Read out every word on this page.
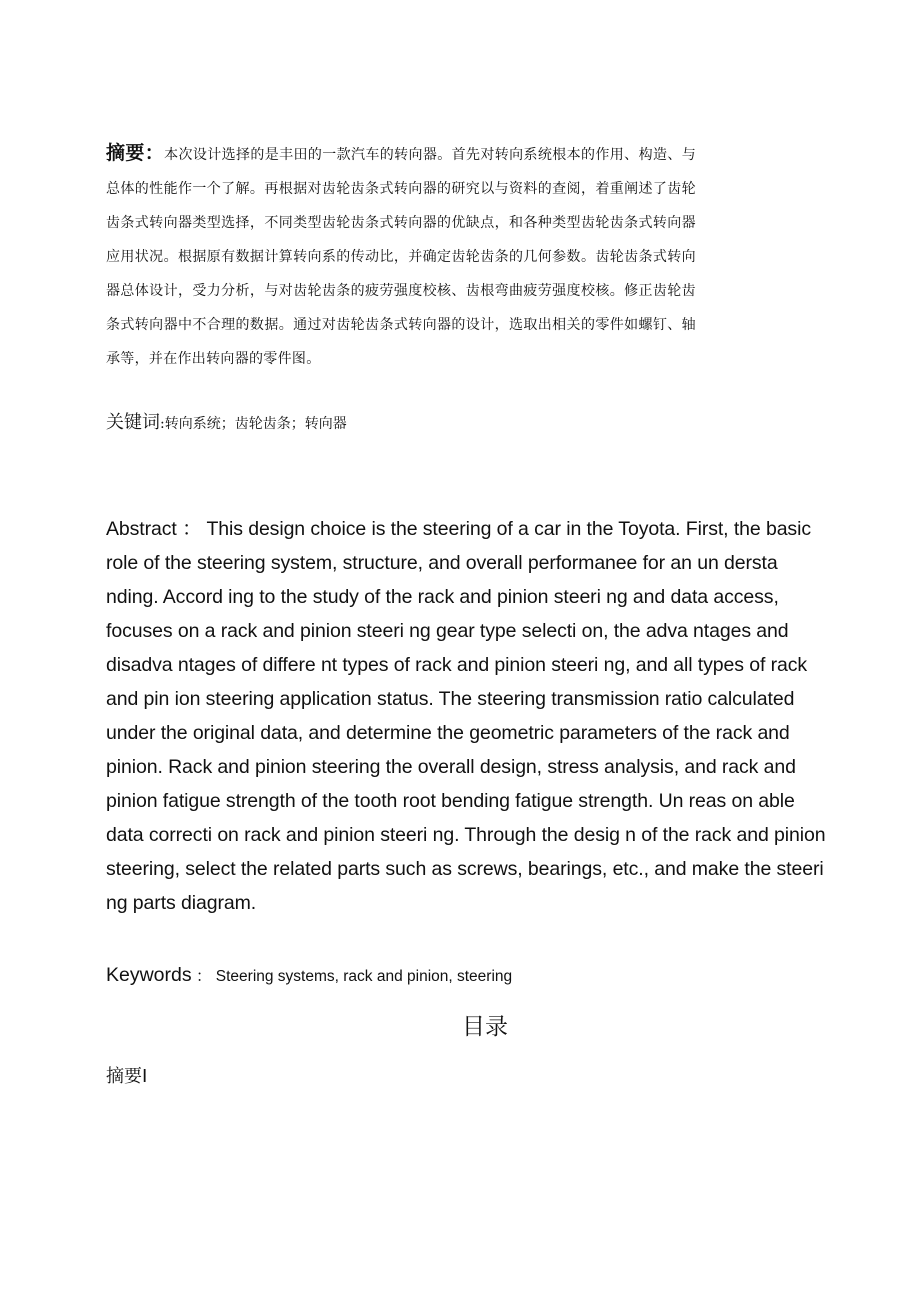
摘要：本次设计选择的是丰田的一款汽车的转向器。首先对转向系统根本的作用、构造、与总体的性能作一个了解。再根据对齿轮齿条式转向器的研究以与资料的查阅，着重阐述了齿轮齿条式转向器类型选择，不同类型齿轮齿条式转向器的优缺点，和各种类型齿轮齿条式转向器应用状况。根据原有数据计算转向系的传动比，并确定齿轮齿条的几何参数。齿轮齿条式转向器总体设计，受力分析，与对齿轮齿条的疲劳强度校核、齿根弯曲疲劳强度校核。修正齿轮齿条式转向器中不合理的数据。通过对齿轮齿条式转向器的设计，选取出相关的零件如螺钉、轴承等，并在作出转向器的零件图。
关键词:转向系统；齿轮齿条；转向器
Abstract ： This design choice is the steering of a car in the Toyota. First, the basic role of the steering system, structure, and overall performanee for an un dersta nding. Accord ing to the study of the rack and pinion steeri ng and data access, focuses on a rack and pinion steeri ng gear type selecti on, the adva ntages and disadva ntages of differe nt types of rack and pinion steeri ng, and all types of rack and pin ion steering application status. The steering transmission ratio calculated under the original data, and determine the geometric parameters of the rack and pinion. Rack and pinion steering the overall design, stress analysis, and rack and pinion fatigue strength of the tooth root bending fatigue strength. Un reas on able data correcti on rack and pinion steeri ng. Through the desig n of the rack and pinion steering, select the related parts such as screws, bearings, etc., and make the steeri ng parts diagram.
Keywords ： Steering systems, rack and pinion, steering
目录
摘要I
